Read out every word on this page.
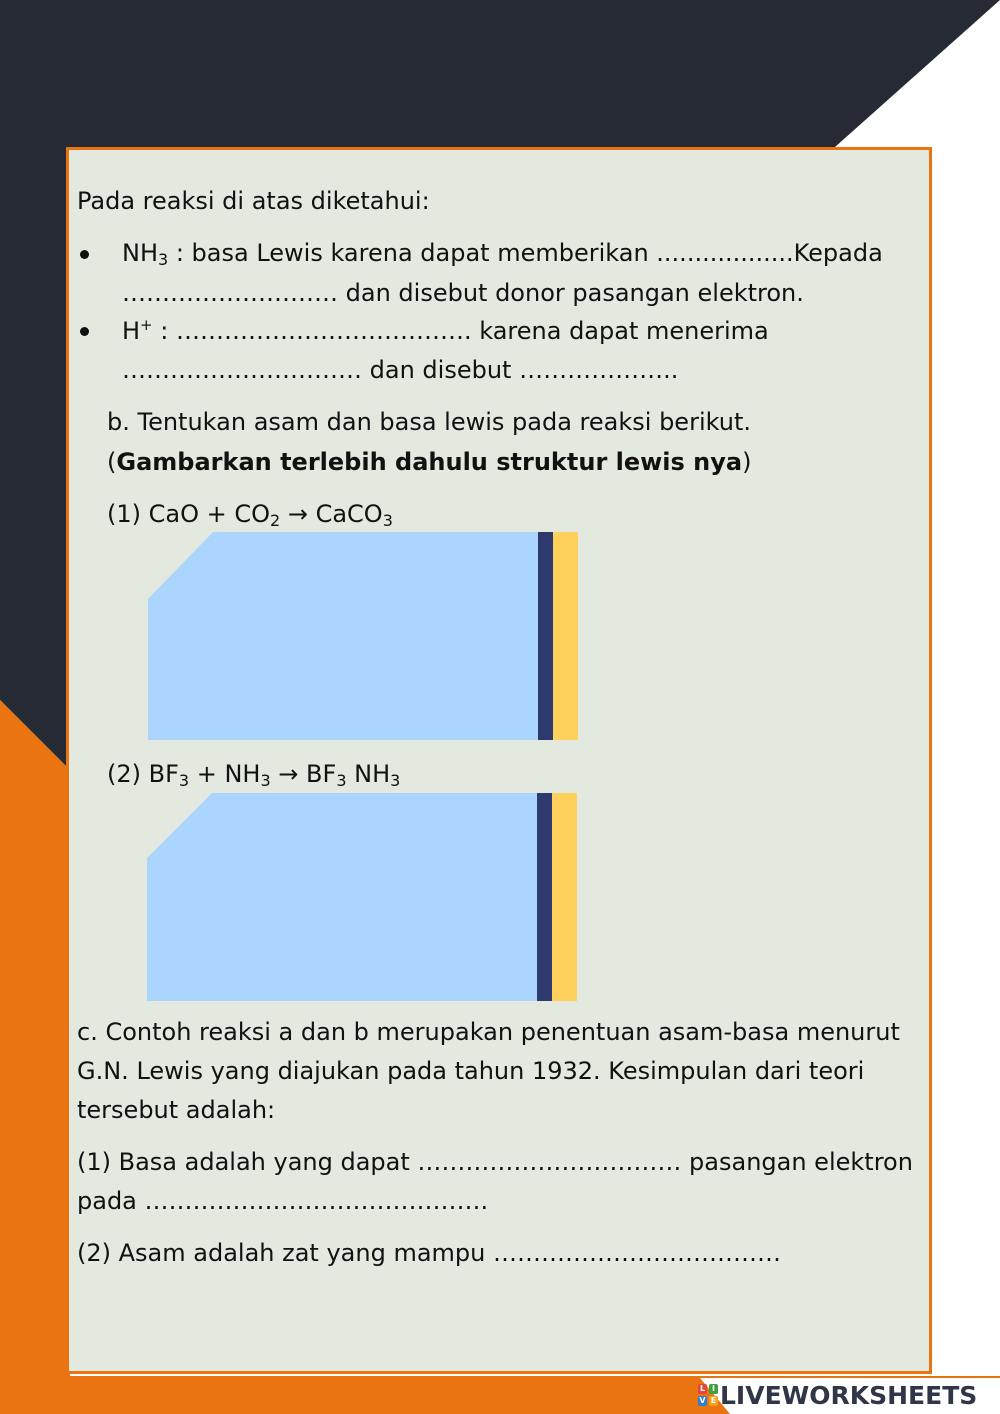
Pada reaksi di atas diketahui:
$NH_3$ : basa Lewis karena dapat memberikan ..................Kepada
……………………… dan disebut donor pasangan elektron.
H+ : ………………………………. karena dapat menerima
………………………… dan disebut ………………..
b. Tentukan asam dan basa lewis pada reaksi berikut.
(Gambarkan terlebih dahulu struktur lewis nya)
(1) CaO + $CO_2$ → CaCO$_3$
(2) $BF_3 + NH_3 \to BF_3$ $NH_3$
c. Contoh reaksi a dan b merupakan penentuan asam-basa menurut
G.N. Lewis yang diajukan pada tahun 1932. Kesimpulan dari teori
tersebut adalah:
(1) Basa adalah yang dapat …………………………… pasangan elektron
pada …………………………………….
(2) Asam adalah zat yang mampu ………………………………
L I
V E LIVEWORKSHEETS
